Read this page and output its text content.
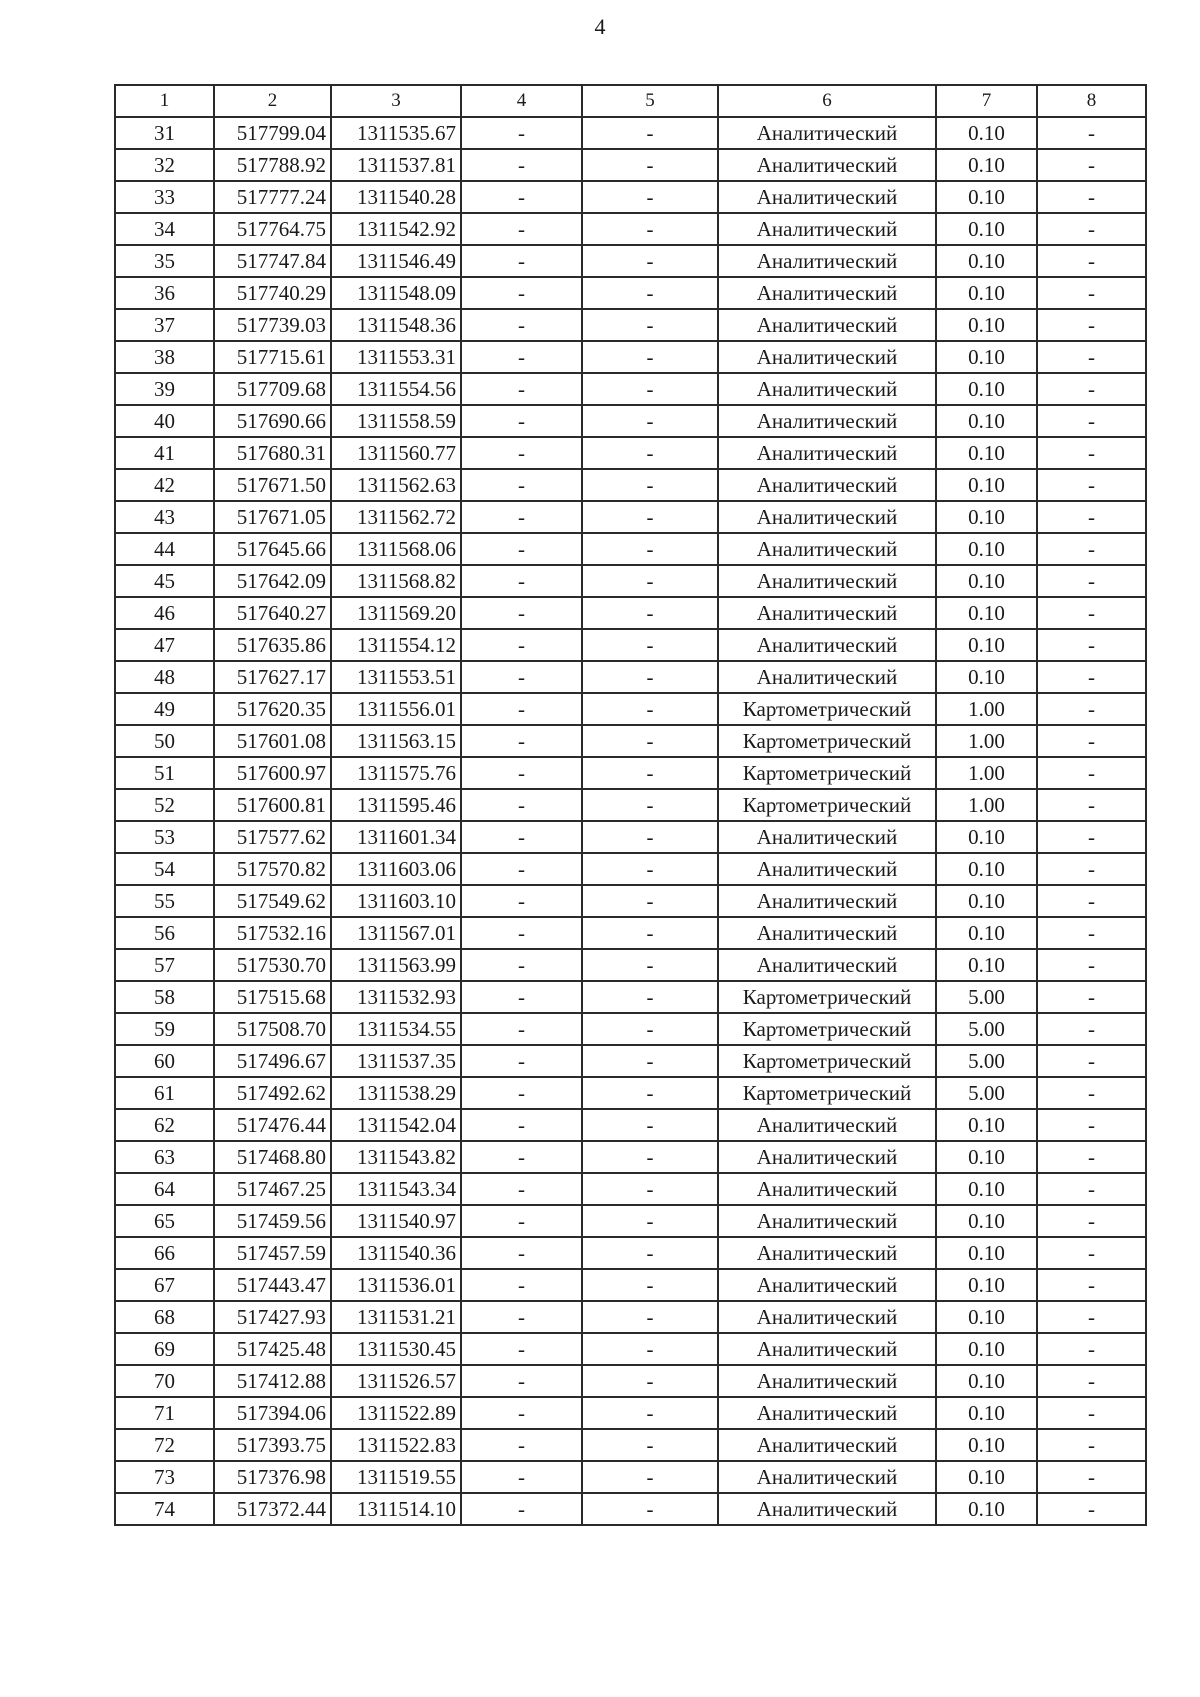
4
1	2	3	4	5	6	7	8
31	517799.04	1311535.67	-	-	Аналитический	0.10	-
32	517788.92	1311537.81	-	-	Аналитический	0.10	-
33	517777.24	1311540.28	-	-	Аналитический	0.10	-
34	517764.75	1311542.92	-	-	Аналитический	0.10	-
35	517747.84	1311546.49	-	-	Аналитический	0.10	-
36	517740.29	1311548.09	-	-	Аналитический	0.10	-
37	517739.03	1311548.36	-	-	Аналитический	0.10	-
38	517715.61	1311553.31	-	-	Аналитический	0.10	-
39	517709.68	1311554.56	-	-	Аналитический	0.10	-
40	517690.66	1311558.59	-	-	Аналитический	0.10	-
41	517680.31	1311560.77	-	-	Аналитический	0.10	-
42	517671.50	1311562.63	-	-	Аналитический	0.10	-
43	517671.05	1311562.72	-	-	Аналитический	0.10	-
44	517645.66	1311568.06	-	-	Аналитический	0.10	-
45	517642.09	1311568.82	-	-	Аналитический	0.10	-
46	517640.27	1311569.20	-	-	Аналитический	0.10	-
47	517635.86	1311554.12	-	-	Аналитический	0.10	-
48	517627.17	1311553.51	-	-	Аналитический	0.10	-
49	517620.35	1311556.01	-	-	Картометрический	1.00	-
50	517601.08	1311563.15	-	-	Картометрический	1.00	-
51	517600.97	1311575.76	-	-	Картометрический	1.00	-
52	517600.81	1311595.46	-	-	Картометрический	1.00	-
53	517577.62	1311601.34	-	-	Аналитический	0.10	-
54	517570.82	1311603.06	-	-	Аналитический	0.10	-
55	517549.62	1311603.10	-	-	Аналитический	0.10	-
56	517532.16	1311567.01	-	-	Аналитический	0.10	-
57	517530.70	1311563.99	-	-	Аналитический	0.10	-
58	517515.68	1311532.93	-	-	Картометрический	5.00	-
59	517508.70	1311534.55	-	-	Картометрический	5.00	-
60	517496.67	1311537.35	-	-	Картометрический	5.00	-
61	517492.62	1311538.29	-	-	Картометрический	5.00	-
62	517476.44	1311542.04	-	-	Аналитический	0.10	-
63	517468.80	1311543.82	-	-	Аналитический	0.10	-
64	517467.25	1311543.34	-	-	Аналитический	0.10	-
65	517459.56	1311540.97	-	-	Аналитический	0.10	-
66	517457.59	1311540.36	-	-	Аналитический	0.10	-
67	517443.47	1311536.01	-	-	Аналитический	0.10	-
68	517427.93	1311531.21	-	-	Аналитический	0.10	-
69	517425.48	1311530.45	-	-	Аналитический	0.10	-
70	517412.88	1311526.57	-	-	Аналитический	0.10	-
71	517394.06	1311522.89	-	-	Аналитический	0.10	-
72	517393.75	1311522.83	-	-	Аналитический	0.10	-
73	517376.98	1311519.55	-	-	Аналитический	0.10	-
74	517372.44	1311514.10	-	-	Аналитический	0.10	-
